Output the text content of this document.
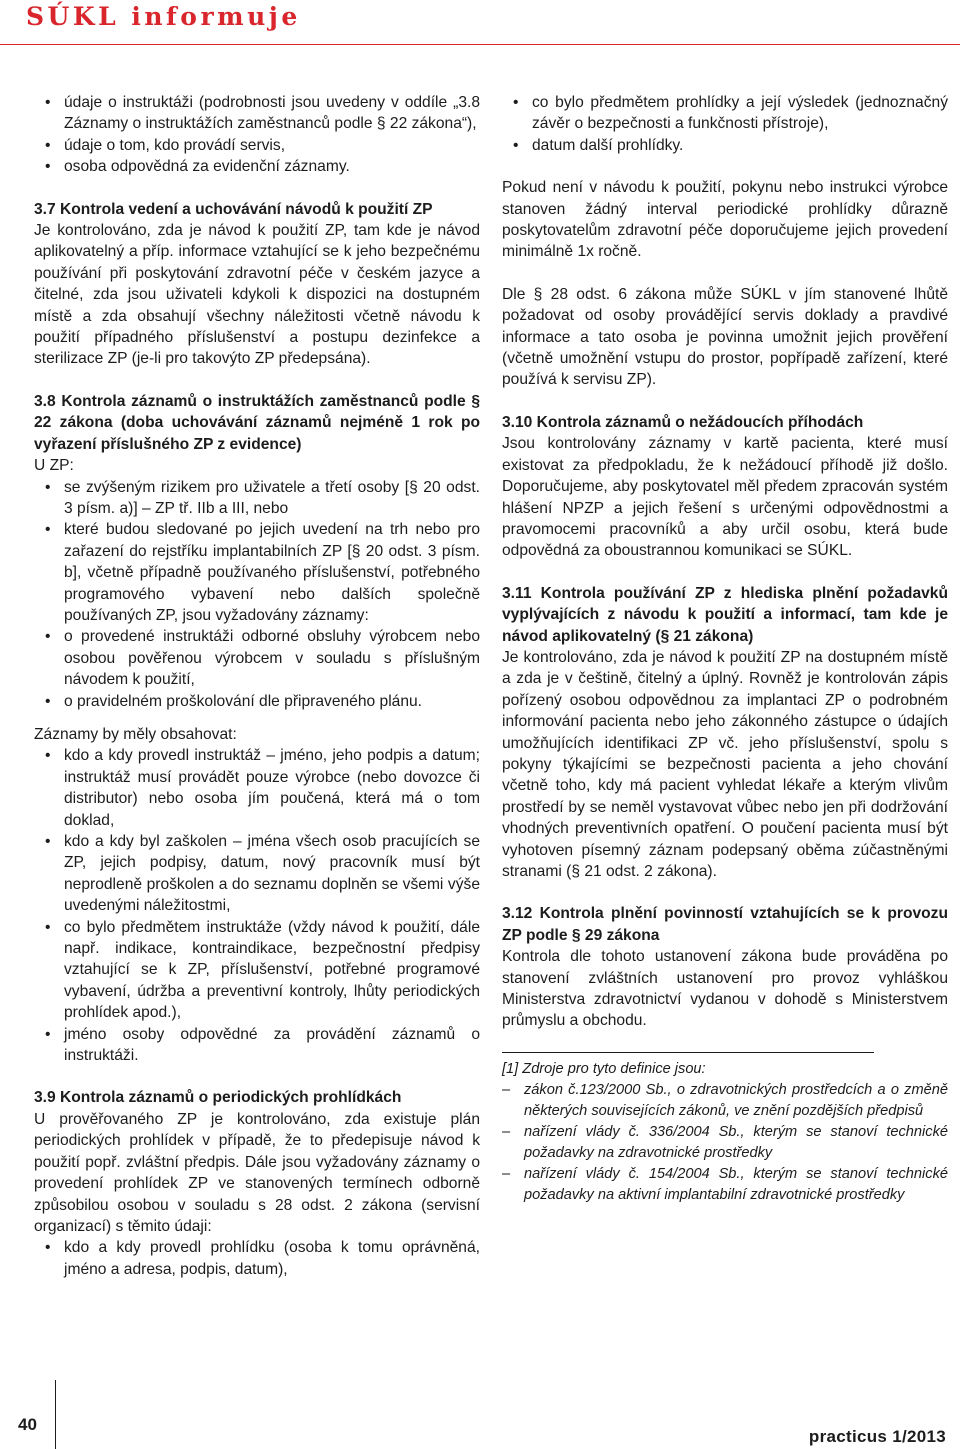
SÚKL informuje
• údaje o instruktáži (podrobnosti jsou uvedeny v oddíle „3.8 Záznamy o instruktážích zaměstnanců podle § 22 zákona“),
• údaje o tom, kdo provádí servis,
• osoba odpovědná za evidenční záznamy.

3.7 Kontrola vedení a uchovávání návodů k použití ZP

Je kontrolováno, zda je návod k použití ZP, tam kde je návod aplikovatelný a příp. informace vztahující se k jeho bezpečnému používání při poskytování zdravotní péče v českém jazyce a čitelné, zda jsou uživateli kdykoli k dispozici na dostupném místě a zda obsahují všechny náležitosti včetně návodu k použití případného příslušenství a postupu dezinfekce a sterilizace ZP (je-li pro takovýto ZP předepsána).

3.8 Kontrola záznamů o instruktážích zaměstnanců podle § 22 zákona (doba uchovávání záznamů nejméně 1 rok po vyřazení příslušného ZP z evidence)

U ZP:

• se zvýšeným rizikem pro uživatele a třetí osoby [§ 20 odst. 3 písm. a)] – ZP tř. IIb a III, nebo
• které budou sledované po jejich uvedení na trh nebo pro zařazení do rejstříku implantabilních ZP [§ 20 odst. 3 písm. b], včetně případně používaného příslušenství, potřebného programového vybavení nebo dalších společně používaných ZP, jsou vyžadovány záznamy:
• o provedené instruktáži odborné obsluhy výrobcem nebo osobou pověřenou výrobcem v souladu s příslušným návodem k použití,
• o pravidelném proškolování dle připraveného plánu.

Záznamy by měly obsahovat:

• kdo a kdy provedl instruktáž – jméno, jeho podpis a datum; instruktáž musí provádět pouze výrobce (nebo dovozce či distributor) nebo osoba jím poučená, která má o tom doklad,
• kdo a kdy byl zaškolen – jména všech osob pracujících se ZP, jejich podpisy, datum, nový pracovník musí být neprodleně proškolen a do seznamu doplněn se všemi výše uvedenými náležitostmi,
• co bylo předmětem instruktáže (vždy návod k použití, dále např. indikace, kontraindikace, bezpečnostní předpisy vztahující se k ZP, příslušenství, potřebné programové vybavení, údržba a preventivní kontroly, lhůty periodických prohlídek apod.),
• jméno osoby odpovědné za provádění záznamů o instruktáži.

3.9 Kontrola záznamů o periodických prohlídkách

U prověřovaného ZP je kontrolováno, zda existuje plán periodických prohlídek v případě, že to předepisuje návod k použití popř. zvláštní předpis. Dále jsou vyžadovány záznamy o provedení prohlídek ZP ve stanovených termínech odborně způsobilou osobou v souladu s 28 odst. 2 zákona (servisní organizací) s těmito údaji:

• kdo a kdy provedl prohlídku (osoba k tomu oprávněná, jméno a adresa, podpis, datum),
• co bylo předmětem prohlídky a její výsledek (jednoznačný závěr o bezpečnosti a funkčnosti přístroje),
• datum další prohlídky.

Pokud není v návodu k použití, pokynu nebo instrukci výrobce stanoven žádný interval periodické prohlídky důrazně poskytovatelům zdravotní péče doporučujeme jejich provedení minimálně 1x ročně.

Dle § 28 odst. 6 zákona může SÚKL v jím stanovené lhůtě požadovat od osoby provádějící servis doklady a pravdivé informace a tato osoba je povinna umožnit jejich prověření (včetně umožnění vstupu do prostor, popřípadě zařízení, které používá k servisu ZP).

3.10 Kontrola záznamů o nežádoucích příhodách

Jsou kontrolovány záznamy v kartě pacienta, které musí existovat za předpokladu, že k nežádoucí příhodě již došlo. Doporučujeme, aby poskytovatel měl předem zpracován systém hlášení NPZP a jejich řešení s určenými odpovědnostmi a pravomocemi pracovníků a aby určil osobu, která bude odpovědná za oboustrannou komunikaci se SÚKL.

3.11 Kontrola používání ZP z hlediska plnění požadavků vyplývajících z návodu k použití a informací, tam kde je návod aplikovatelný (§ 21 zákona)

Je kontrolováno, zda je návod k použití ZP na dostupném místě a zda je v češtině, čitelný a úplný. Rovněž je kontrolován zápis pořízený osobou odpovědnou za implantaci ZP o podrobném informování pacienta nebo jeho zákonného zástupce o údajích umožňujících identifikaci ZP vč. jeho příslušenství, spolu s pokyny týkajícími se bezpečnosti pacienta a jeho chování včetně toho, kdy má pacient vyhledat lékaře a kterým vlivům prostředí by se neměl vystavovat vůbec nebo jen při dodržování vhodných preventivních opatření. O poučení pacienta musí být vyhotoven písemný záznam podepsaný oběma zúčastněnými stranami (§ 21 odst. 2 zákona).

3.12 Kontrola plnění povinností vztahujících se k provozu ZP podle § 29 zákona

Kontrola dle tohoto ustanovení zákona bude prováděna po stanovení zvláštních ustanovení pro provoz vyhláškou Ministerstva zdravotnictví vydanou v dohodě s Ministerstvem průmyslu a obchodu.

[1] Zdroje pro tyto definice jsou:
– zákon č.123/2000 Sb., o zdravotnických prostředcích a o změně některých souvisejících zákonů, ve znění pozdějších předpisů
– nařízení vlády č. 336/2004 Sb., kterým se stanoví technické požadavky na zdravotnické prostředky
– nařízení vlády č. 154/2004 Sb., kterým se stanoví technické požadavky na aktivní implantabilní zdravotnické prostředky
40
practicus 1/2013
